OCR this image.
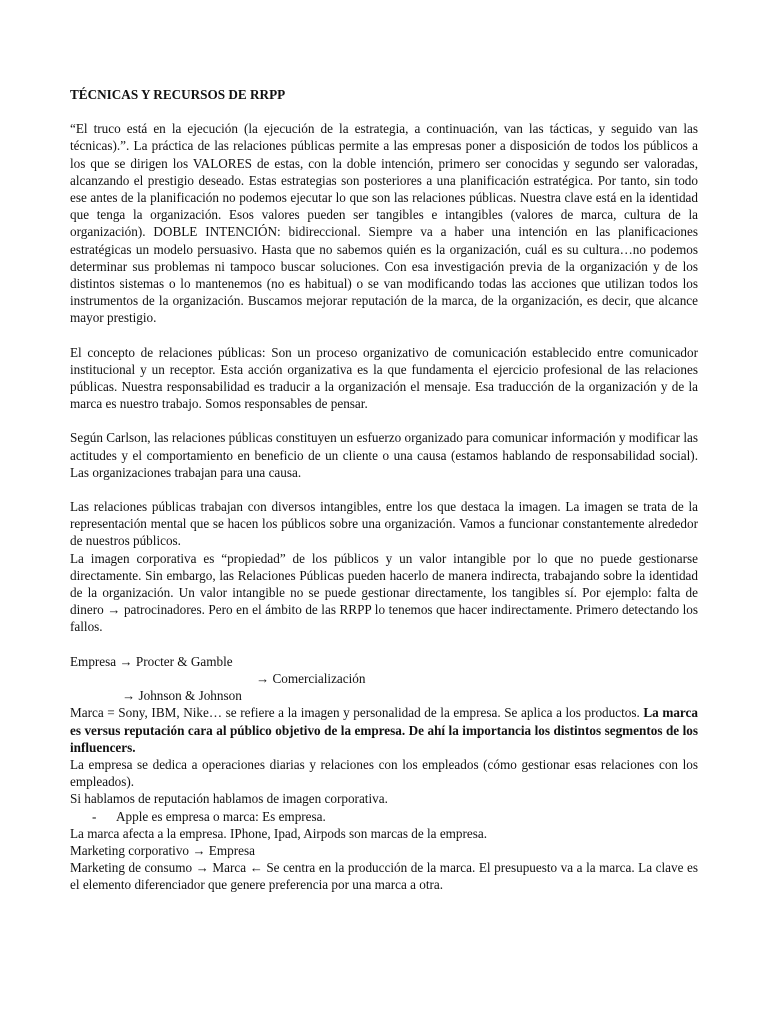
TÉCNICAS Y RECURSOS DE RRPP

“El truco está en la ejecución (la ejecución de la estrategia, a continuación, van las tácticas, y seguido van las técnicas).”. La práctica de las relaciones públicas permite a las empresas poner a disposición de todos los públicos a los que se dirigen los VALORES de estas, con la doble intención, primero ser conocidas y segundo ser valoradas, alcanzando el prestigio deseado. Estas estrategias son posteriores a una planificación estratégica. Por tanto, sin todo ese antes de la planificación no podemos ejecutar lo que son las relaciones públicas. Nuestra clave está en la identidad que tenga la organización. Esos valores pueden ser tangibles e intangibles (valores de marca, cultura de la organización). DOBLE INTENCIÓN: bidireccional. Siempre va a haber una intención en las planificaciones estratégicas un modelo persuasivo. Hasta que no sabemos quién es la organización, cuál es su cultura…no podemos determinar sus problemas ni tampoco buscar soluciones. Con esa investigación previa de la organización y de los distintos sistemas o lo mantenemos (no es habitual) o se van modificando todas las acciones que utilizan todos los instrumentos de la organización. Buscamos mejorar reputación de la marca, de la organización, es decir, que alcance mayor prestigio.

El concepto de relaciones públicas: Son un proceso organizativo de comunicación establecido entre comunicador institucional y un receptor. Esta acción organizativa es la que fundamenta el ejercicio profesional de las relaciones públicas. Nuestra responsabilidad es traducir a la organización el mensaje. Esa traducción de la organización y de la marca es nuestro trabajo. Somos responsables de pensar.

Según Carlson, las relaciones públicas constituyen un esfuerzo organizado para comunicar información y modificar las actitudes y el comportamiento en beneficio de un cliente o una causa (estamos hablando de responsabilidad social). Las organizaciones trabajan para una causa.

Las relaciones públicas trabajan con diversos intangibles, entre los que destaca la imagen. La imagen se trata de la representación mental que se hacen los públicos sobre una organización. Vamos a funcionar constantemente alrededor de nuestros públicos.

La imagen corporativa es “propiedad” de los públicos y un valor intangible por lo que no puede gestionarse directamente. Sin embargo, las Relaciones Públicas pueden hacerlo de manera indirecta, trabajando sobre la identidad de la organización. Un valor intangible no se puede gestionar directamente, los tangibles sí. Por ejemplo: falta de dinero → patrocinadores. Pero en el ámbito de las RRPP lo tenemos que hacer indirectamente. Primero detectando los fallos.

Empresa → Procter & Gamble
→ Comercialización
→ Johnson & Johnson

Marca = Sony, IBM, Nike… se refiere a la imagen y personalidad de la empresa. Se aplica a los productos. La marca es versus reputación cara al público objetivo de la empresa. De ahí la importancia los distintos segmentos de los influencers.

La empresa se dedica a operaciones diarias y relaciones con los empleados (cómo gestionar esas relaciones con los empleados).

Si hablamos de reputación hablamos de imagen corporativa.

- Apple es empresa o marca: Es empresa.

La marca afecta a la empresa. IPhone, Ipad, Airpods son marcas de la empresa.

Marketing corporativo → Empresa

Marketing de consumo → Marca ← Se centra en la producción de la marca. El presupuesto va a la marca. La clave es el elemento diferenciador que genere preferencia por una marca a otra.
